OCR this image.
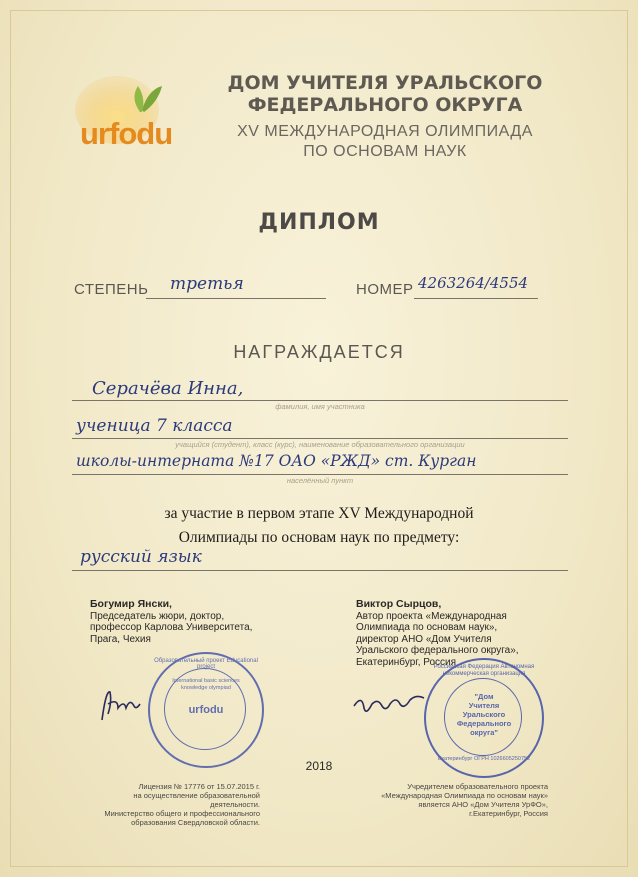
urfodu
ДОМ УЧИТЕЛЯ УРАЛЬСКОГО
ФЕДЕРАЛЬНОГО ОКРУГА
XV МЕЖДУНАРОДНАЯ ОЛИМПИАДА
ПО ОСНОВАМ НАУК
ДИПЛОМ
СТЕПЕНЬ третья	НОМЕР 4263264/4554
НАГРАЖДАЕТСЯ
Серачёва Инна,
фамилия, имя участника
ученица 7 класса
учащийся (студент), класс (курс), наименование образовательного организации
школы-интерната №17 ОАО «РЖД» ст. Курган
населённый пункт
за участие в первом этапе XV Международной
Олимпиады по основам наук по предмету:
русский язык
Богумир Янски,
Председатель жюри, доктор,
профессор Карлова Университета,
Прага, Чехия
Виктор Сырцов,
Автор проекта «Международная
Олимпиада по основам наук»,
директор АНО «Дом Учителя
Уральского федерального округа»,
Екатеринбург, Россия
Образовательный проект Educational project
International basic sciences knowledge olympiad
urfodu
Российская Федерация Автономная некоммерческая организация
"Дом
Учителя
Уральского
Федерального
округа"
Екатеринбург ОГРН 1026605250752
2018
Лицензия № 17776 от 15.07.2015 г.
на осуществление образовательной деятельности.
Министерство общего и профессионального
образования Свердловской области.
Учредителем образовательного проекта
«Международная Олимпиада по основам наук»
является АНО «Дом Учителя УрФО»,
г.Екатеринбург, Россия
